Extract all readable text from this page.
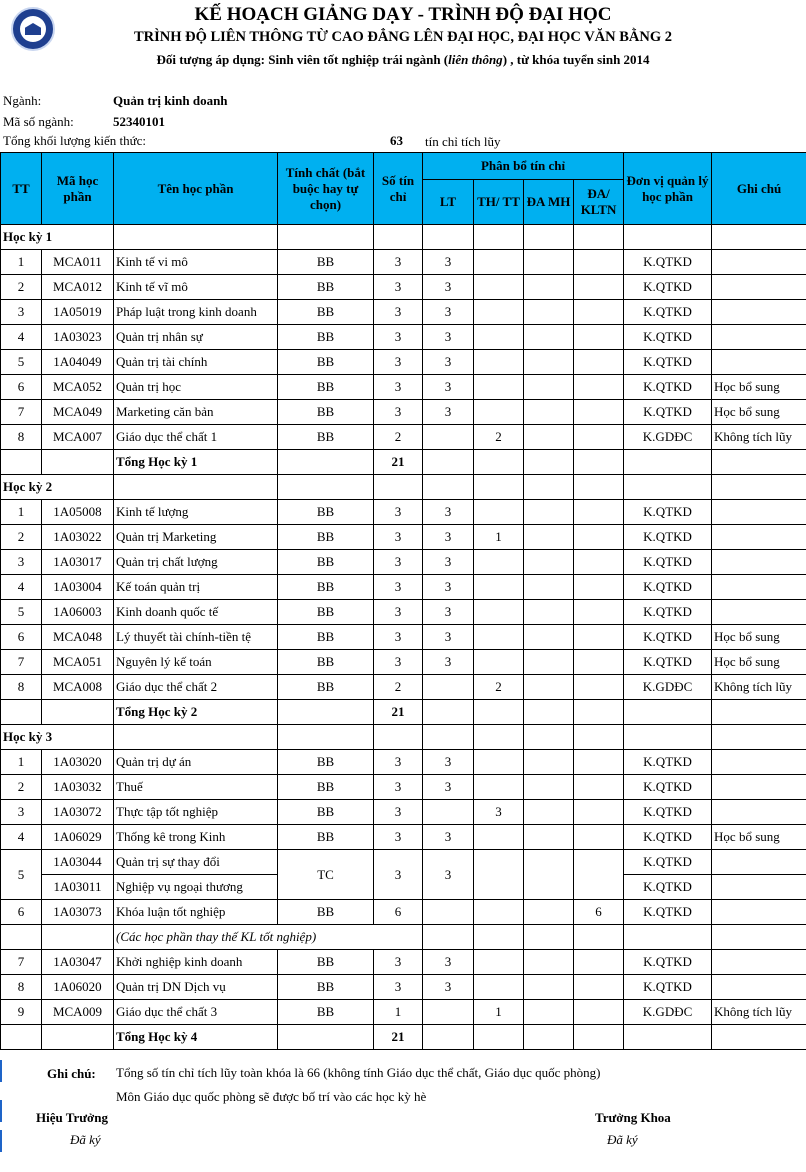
KẾ HOẠCH GIẢNG DẠY - TRÌNH ĐỘ ĐẠI HỌC
TRÌNH ĐỘ LIÊN THÔNG TỪ CAO ĐẲNG LÊN ĐẠI HỌC, ĐẠI HỌC VĂN BẰNG 2
Đối tượng áp dụng: Sinh viên tốt nghiệp trái ngành (liên thông) , từ khóa tuyển sinh 2014
Ngành:	Quản trị kinh doanh
Mã số ngành:	52340101
Tổng khối lượng kiến thức:	63 tín chỉ tích lũy
TT	Mã học phần	Tên học phần	Tính chất (bắt buộc hay tự chọn)	Số tín chỉ	Phân bổ tín chỉ				Đơn vị quản lý học phần	Ghi chú
					LT	TH/ TT	ĐA MH	ĐA/ KLTN		
Học kỳ 1										
1	MCA011	Kinh tế vi mô	BB	3	3				K.QTKD	
2	MCA012	Kinh tế vĩ mô	BB	3	3				K.QTKD	
3	1A05019	Pháp luật trong kinh doanh	BB	3	3				K.QTKD	
4	1A03023	Quản trị nhân sự	BB	3	3				K.QTKD	
5	1A04049	Quản trị tài chính	BB	3	3				K.QTKD	
6	MCA052	Quản trị học	BB	3	3				K.QTKD	Học bổ sung
7	MCA049	Marketing căn bản	BB	3	3				K.QTKD	Học bổ sung
8	MCA007	Giáo dục thể chất 1	BB	2		2			K.GDĐC	Không tích lũy
		Tổng Học kỳ 1		21						
Học kỳ 2										
1	1A05008	Kinh tế lượng	BB	3	3				K.QTKD	
2	1A03022	Quản trị Marketing	BB	3	3	1			K.QTKD	
3	1A03017	Quản trị chất lượng	BB	3	3				K.QTKD	
4	1A03004	Kế toán quản trị	BB	3	3				K.QTKD	
5	1A06003	Kinh doanh quốc tế	BB	3	3				K.QTKD	
6	MCA048	Lý thuyết tài chính-tiền tệ	BB	3	3				K.QTKD	Học bổ sung
7	MCA051	Nguyên lý kế toán	BB	3	3				K.QTKD	Học bổ sung
8	MCA008	Giáo dục thể chất 2	BB	2		2			K.GDĐC	Không tích lũy
		Tổng Học kỳ 2		21						
Học kỳ 3										
1	1A03020	Quản trị dự án	BB	3	3				K.QTKD	
2	1A03032	Thuế	BB	3	3				K.QTKD	
3	1A03072	Thực tập tốt nghiệp	BB	3		3			K.QTKD	
4	1A06029	Thống kê trong Kinh	BB	3	3				K.QTKD	Học bổ sung
5	1A03044	Quản trị sự thay đổi	TC	3	3				K.QTKD	
	1A03011	Nghiệp vụ ngoại thương							K.QTKD	
6	1A03073	Khóa luận tốt nghiệp	BB	6				6	K.QTKD	
		(Các học phần thay thế KL tốt nghiệp)								
7	1A03047	Khởi nghiệp kinh doanh	BB	3	3				K.QTKD	
8	1A06020	Quản trị DN Dịch vụ	BB	3	3				K.QTKD	
9	MCA009	Giáo dục thể chất 3	BB	1		1			K.GDĐC	Không tích lũy
		Tổng Học kỳ 4		21						
Ghi chú: Tổng số tín chỉ tích lũy toàn khóa là 66 (không tính Giáo dục thể chất, Giáo dục quốc phòng)
Môn Giáo dục quốc phòng sẽ được bố trí vào các học kỳ hè
Hiệu Trưởng	Trưởng Khoa
Đã ký	Đã ký
